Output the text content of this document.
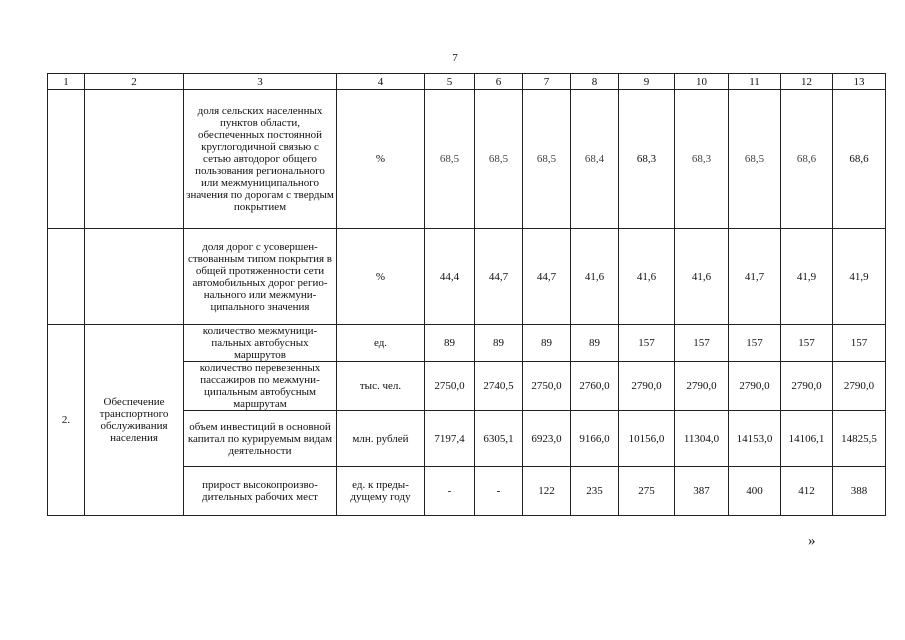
7
1	2	3	4	5	6	7	8	9	10	11	12	13
		доля сельских населенных пунктов области, обеспеченных постоянной круглогодичной связью с сетью автодорог общего пользования регионального или межмуниципального значения по дорогам с твердым покрытием	%	68,5	68,5	68,5	68,4	68,3	68,3	68,5	68,6	68,6
		доля дорог с усовершенствованным типом покрытия в общей протяженности сети автомобильных дорог регионального или межмуниципального значения	%	44,4	44,7	44,7	41,6	41,6	41,6	41,7	41,9	41,9
2.	Обеспечение транспортного обслуживания населения	количество межмуниципальных автобусных маршрутов	ед.	89	89	89	89	157	157	157	157	157
		количество перевезенных пассажиров по межмуниципальным автобусным маршрутам	тыс. чел.	2750,0	2740,5	2750,0	2760,0	2790,0	2790,0	2790,0	2790,0	2790,0
		объем инвестиций в основной капитал по курируемым видам деятельности	млн. рублей	7197,4	6305,1	6923,0	9166,0	10156,0	11304,0	14153,0	14106,1	14825,5
		прирост высокопроизводительных рабочих мест	ед. к предыдущему году	-	-	122	235	275	387	400	412	388
»
